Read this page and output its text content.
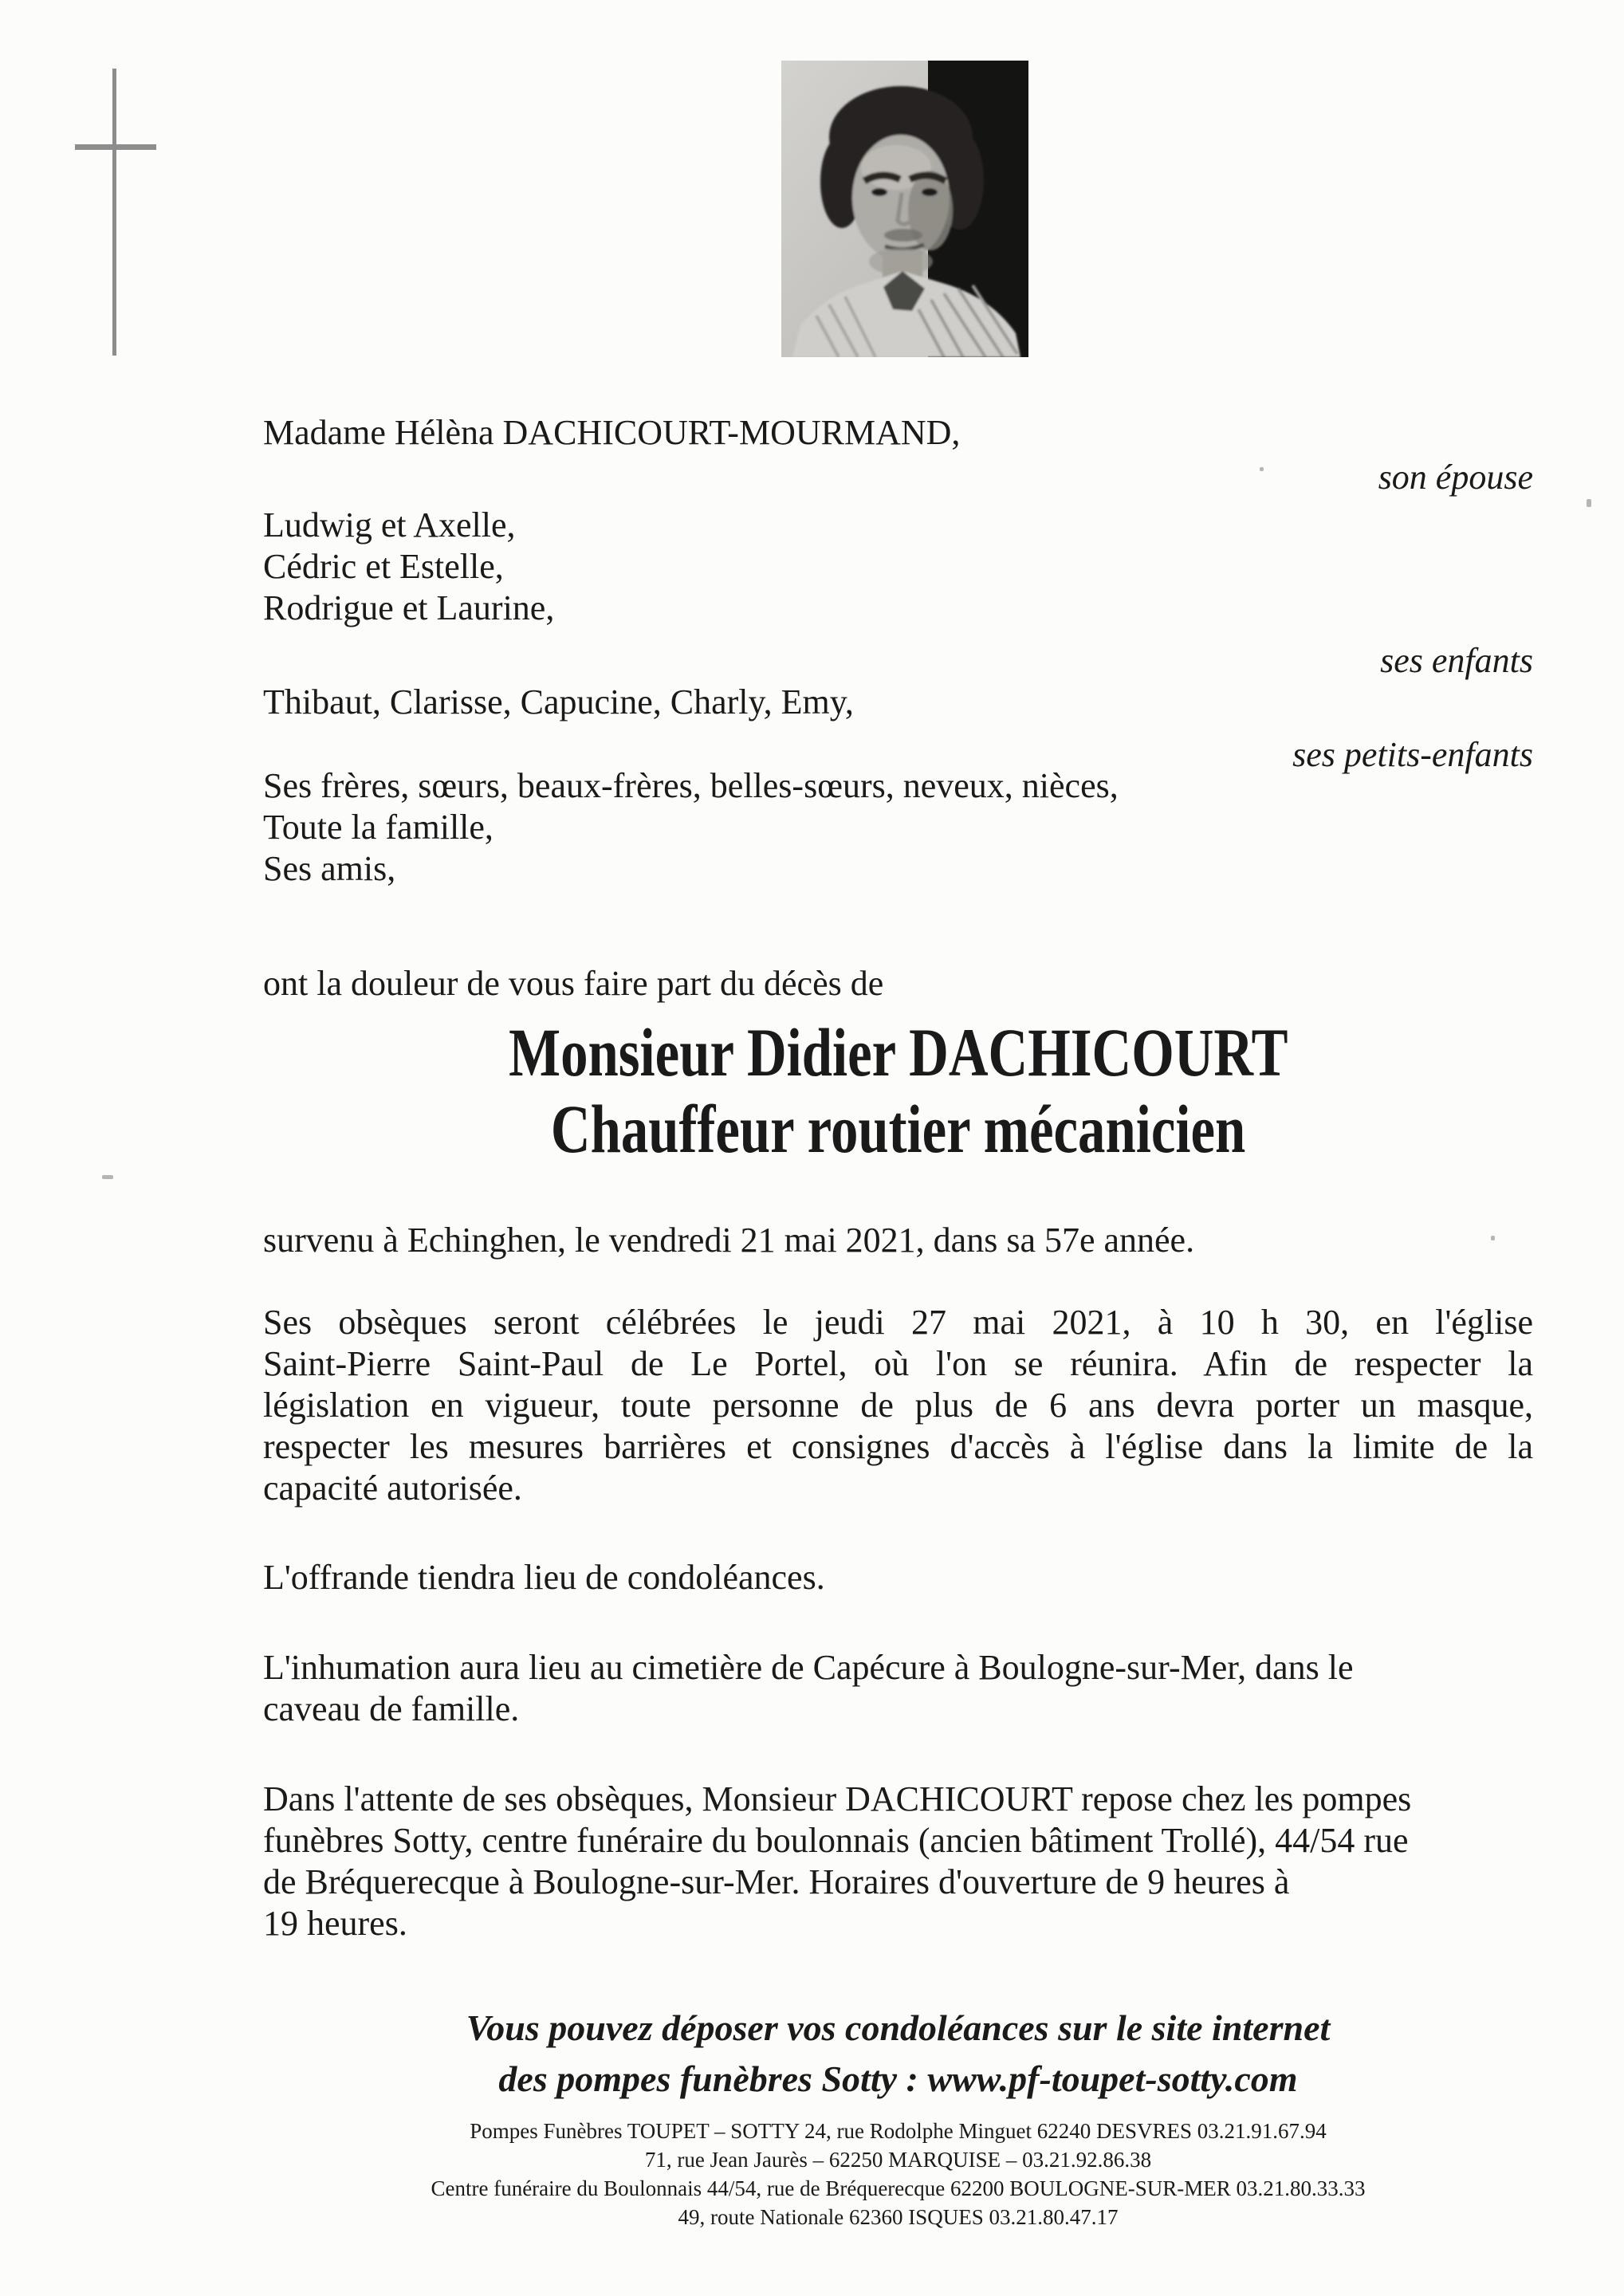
Madame Hélèna DACHICOURT-MOURMAND,
son épouse
Ludwig et Axelle,
Cédric et Estelle,
Rodrigue et Laurine,
ses enfants
Thibaut, Clarisse, Capucine, Charly, Emy,
ses petits-enfants
Ses frères, sœurs, beaux-frères, belles-sœurs, neveux, nièces,
Toute la famille,
Ses amis,
ont la douleur de vous faire part du décès de
Monsieur Didier DACHICOURT
Chauffeur routier mécanicien
survenu à Echinghen, le vendredi 21 mai 2021, dans sa 57e année.
Ses obsèques seront célébrées le jeudi 27 mai 2021, à 10 h 30, en l'église
Saint-Pierre Saint-Paul de Le Portel, où l'on se réunira. Afin de respecter la
législation en vigueur, toute personne de plus de 6 ans devra porter un masque,
respecter les mesures barrières et consignes d'accès à l'église dans la limite de la
capacité autorisée.
L'offrande tiendra lieu de condoléances.
L'inhumation aura lieu au cimetière de Capécure à Boulogne-sur-Mer, dans le
caveau de famille.
Dans l'attente de ses obsèques, Monsieur DACHICOURT repose chez les pompes
funèbres Sotty, centre funéraire du boulonnais (ancien bâtiment Trollé), 44/54 rue
de Bréquerecque à Boulogne-sur-Mer. Horaires d'ouverture de 9 heures à
19 heures.
Vous pouvez déposer vos condoléances sur le site internet
des pompes funèbres Sotty : www.pf-toupet-sotty.com
Pompes Funèbres TOUPET – SOTTY 24, rue Rodolphe Minguet 62240 DESVRES 03.21.91.67.94
71, rue Jean Jaurès – 62250 MARQUISE – 03.21.92.86.38
Centre funéraire du Boulonnais 44/54, rue de Bréquerecque 62200 BOULOGNE-SUR-MER 03.21.80.33.33
49, route Nationale 62360 ISQUES 03.21.80.47.17
